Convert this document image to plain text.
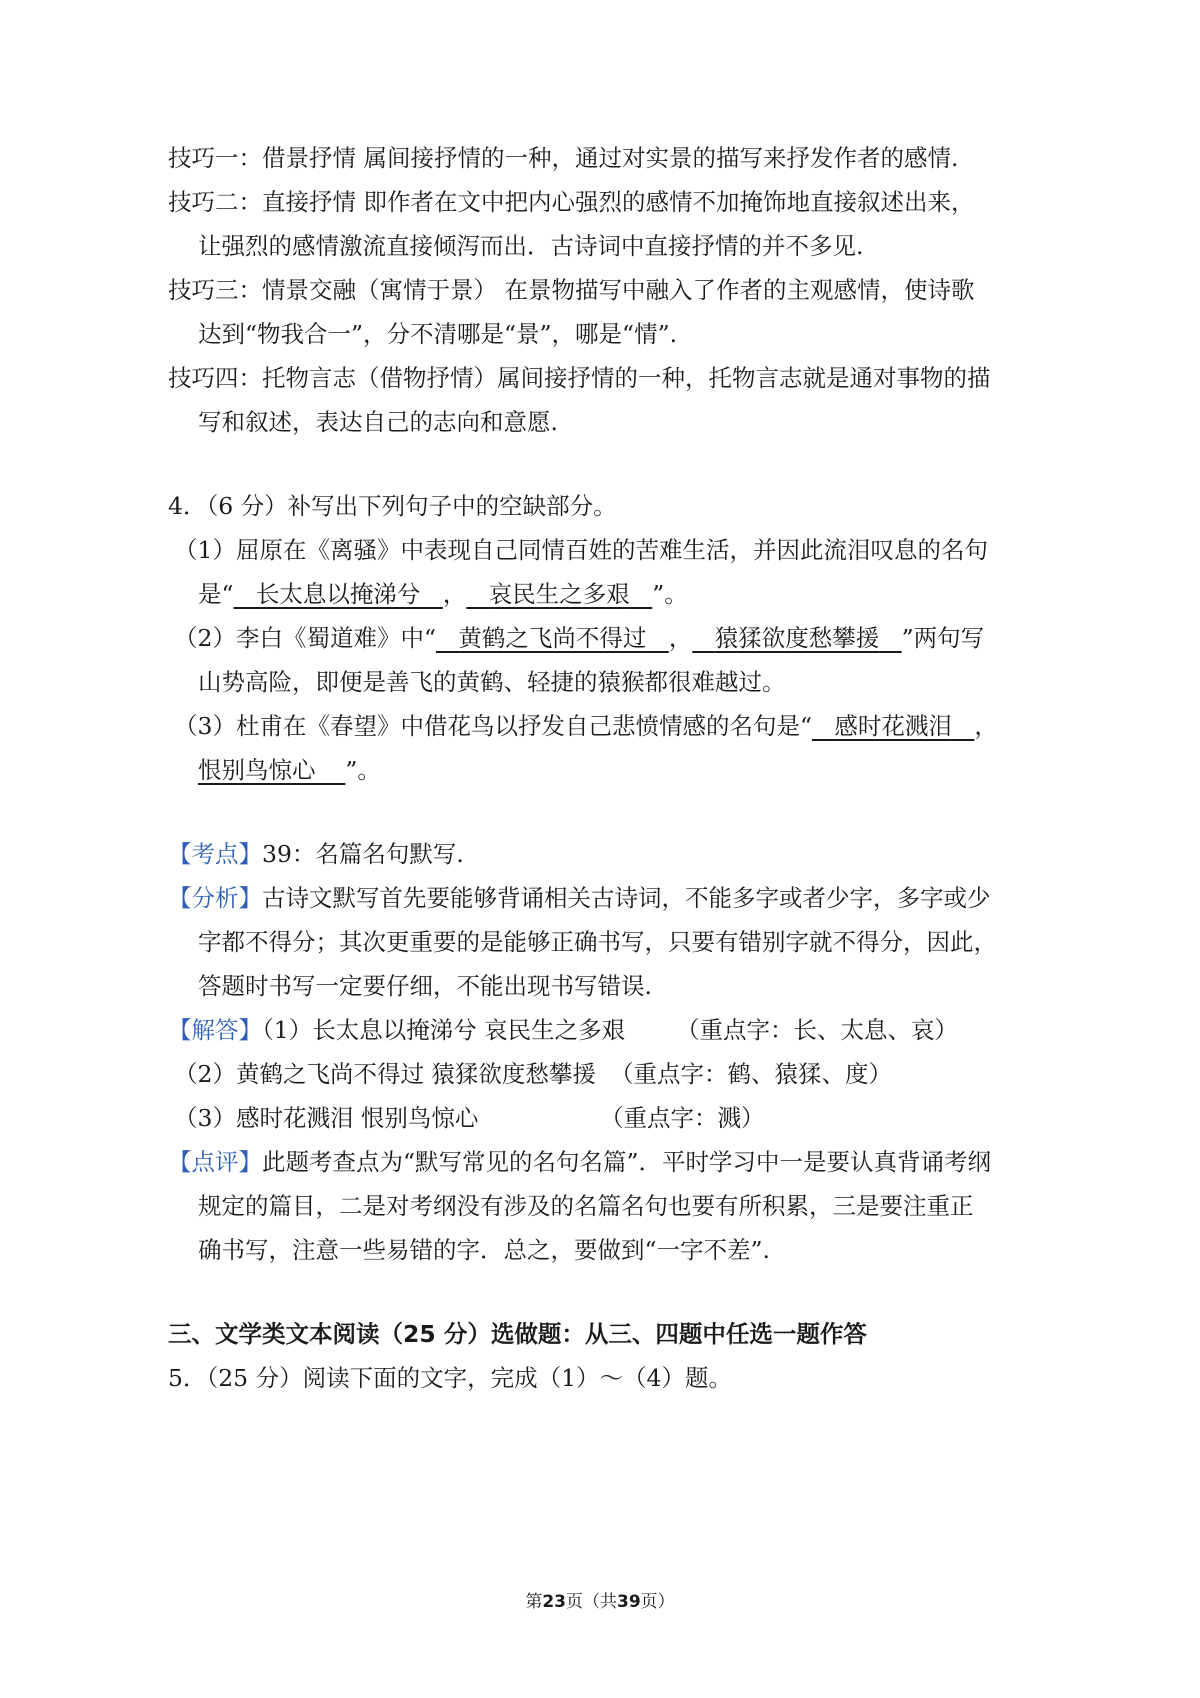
技巧一：借景抒情 属间接抒情的一种，通过对实景的描写来抒发作者的感情.
技巧二：直接抒情 即作者在文中把内心强烈的感情不加掩饰地直接叙述出来，
让强烈的感情激流直接倾泻而出．古诗词中直接抒情的并不多见.
技巧三：情景交融（寓情于景） 在景物描写中融入了作者的主观感情，使诗歌
达到“物我合一”，分不清哪是“景”，哪是“情”.
技巧四：托物言志（借物抒情）属间接抒情的一种，托物言志就是通对事物的描
写和叙述，表达自己的志向和意愿.
4．（6 分）补写出下列句子中的空缺部分。
（1）屈原在《离骚》中表现自己同情百姓的苦难生活，并因此流泪叹息的名句
是“ 长太息以掩涕兮 ， 哀民生之多艰 ”。
（2）李白《蜀道难》中“ 黄鹤之飞尚不得过 ， 猿猱欲度愁攀援 ”两句写
山势高险，即便是善飞的黄鹤、轻捷的猿猴都很难越过。
（3）杜甫在《春望》中借花鸟以抒发自己悲愤情感的名句是“ 感时花溅泪 ，
恨别鸟惊心 ”。
【考点】39：名篇名句默写.
【分析】古诗文默写首先要能够背诵相关古诗词，不能多字或者少字，多字或少
字都不得分；其次更重要的是能够正确书写，只要有错别字就不得分，因此，
答题时书写一定要仔细，不能出现书写错误.
【解答】（1）长太息以掩涕兮 哀民生之多艰 （重点字：长、太息、哀）
（2）黄鹤之飞尚不得过 猿猱欲度愁攀援 （重点字：鹤、猿猱、度）
（3）感时花溅泪 恨别鸟惊心	（重点字：溅）
【点评】此题考查点为“默写常见的名句名篇”．平时学习中一是要认真背诵考纲
规定的篇目，二是对考纲没有涉及的名篇名句也要有所积累，三是要注重正
确书写，注意一些易错的字．总之，要做到“一字不差”.
三、文学类文本阅读（25 分）选做题：从三、四题中任选一题作答
5．（25 分）阅读下面的文字，完成（1）～（4）题。
第23页（共39页）
